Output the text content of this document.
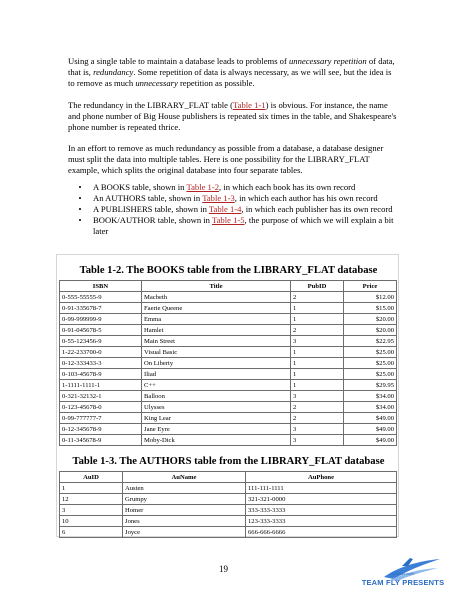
Using a single table to maintain a database leads to problems of unnecessary repetition of data, that is, redundancy. Some repetition of data is always necessary, as we will see, but the idea is to remove as much unnecessary repetition as possible.

The redundancy in the LIBRARY_FLAT table (Table 1-1) is obvious. For instance, the name and phone number of Big House publishers is repeated six times in the table, and Shakespeare's phone number is repeated thrice.

In an effort to remove as much redundancy as possible from a database, a database designer must split the data into multiple tables. Here is one possibility for the LIBRARY_FLAT example, which splits the original database into four separate tables.

• A BOOKS table, shown in Table 1-2, in which each book has its own record
• An AUTHORS table, shown in Table 1-3, in which each author has his own record
• A PUBLISHERS table, shown in Table 1-4, in which each publisher has its own record
• BOOK/AUTHOR table, shown in Table 1-5, the purpose of which we will explain a bit later
Table 1-2. The BOOKS table from the LIBRARY_FLAT database
ISBN	Title	PubID	Price
0-555-55555-9	Macbeth	2	$12.00
0-91-335678-7	Faerie Queene	1	$15.00
0-99-999999-9	Emma	1	$20.00
0-91-045678-5	Hamlet	2	$20.00
0-55-123456-9	Main Street	3	$22.95
1-22-233700-0	Visual Basic	1	$25.00
0-12-333433-3	On Liberty	1	$25.00
0-103-45678-9	Iliad	1	$25.00
1-1111-1111-1	C++	1	$29.95
0-321-32132-1	Balloon	3	$34.00
0-123-45678-0	Ulysses	2	$34.00
0-99-777777-7	King Lear	2	$49.00
0-12-345678-9	Jane Eyre	3	$49.00
0-11-345678-9	Moby-Dick	3	$49.00
Table 1-3. The AUTHORS table from the LIBRARY_FLAT database
AuID	AuName	AuPhone
1	Austen	111-111-1111
12	Grumpy	321-321-0000
3	Homer	333-333-3333
10	Jones	123-333-3333
6	Joyce	666-666-6666
19	FlyHeart.com
TEAM FLY PRESENTS
